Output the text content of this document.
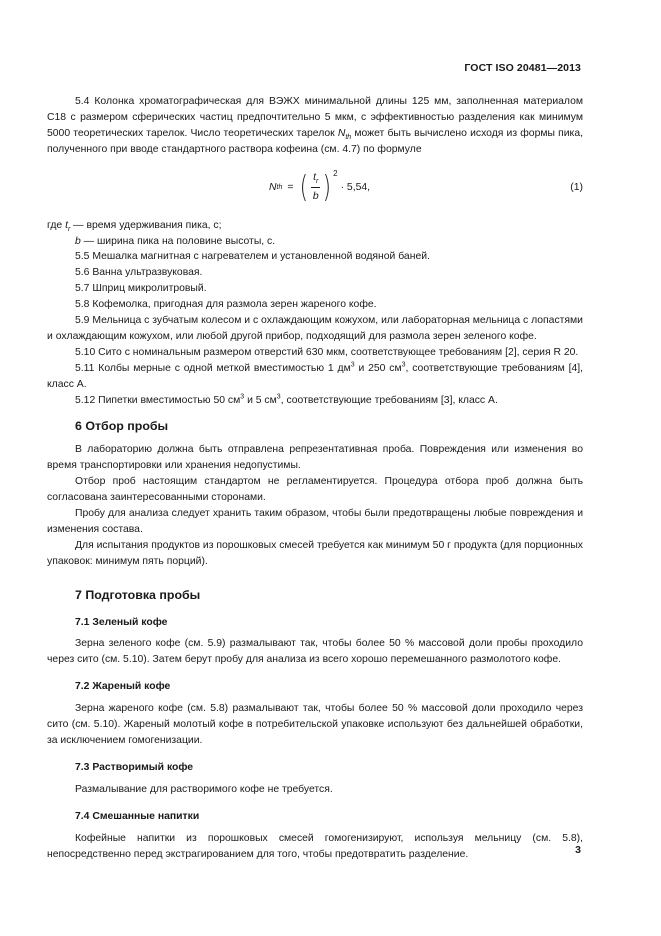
ГОСТ ISO 20481—2013

5.4 Колонка хроматографическая для ВЭЖХ минимальной длины 125 мм, заполненная материалом C18 с размером сферических частиц предпочтительно 5 мкм, с эффективностью разделения как минимум 5000 теоретических тарелок. Число теоретических тарелок $N_{th}$ может быть вычислено исходя из формы пика, полученного при вводе стандартного раствора кофеина (см. 4.7) по формуле

N th = ( $\frac{t_r}{b}$ ) 2
· 5,54,	(1)

где $t_r$ — время удерживания пика, с;

b — ширина пика на половине высоты, с.

5.5 Мешалка магнитная с нагревателем и установленной водяной баней.

5.6 Ванна ультразвуковая.

5.7 Шприц микролитровый.

5.8 Кофемолка, пригодная для размола зерен жареного кофе.

5.9 Мельница с зубчатым колесом и с охлаждающим кожухом, или лабораторная мельница с лопастями и охлаждающим кожухом, или любой другой прибор, подходящий для размола зерен зеленого кофе.

5.10 Сито с номинальным размером отверстий 630 мкм, соответствующее требованиям [2], серия R 20.

5.11 Колбы мерные с одной меткой вместимостью 1 $дм^3$ и 250 $см^3$, соответствующие требованиям [4], класс А.

5.12 Пипетки вместимостью 50 $см^3$ и 5 $см^3$, соответствующие требованиям [3], класс А.

6 Отбор пробы

В лабораторию должна быть отправлена репрезентативная проба. Повреждения или изменения во время транспортировки или хранения недопустимы.

Отбор проб настоящим стандартом не регламентируется. Процедура отбора проб должна быть согласована заинтересованными сторонами.

Пробу для анализа следует хранить таким образом, чтобы были предотвращены любые повреждения и изменения состава.

Для испытания продуктов из порошковых смесей требуется как минимум 50 г продукта (для порционных упаковок: минимум пять порций).

7 Подготовка пробы
7.1 Зеленый кофе

Зерна зеленого кофе (см. 5.9) размалывают так, чтобы более 50 % массовой доли пробы проходило через сито (см. 5.10). Затем берут пробу для анализа из всего хорошо перемешанного размолотого кофе.

7.2 Жареный кофе

Зерна жареного кофе (см. 5.8) размалывают так, чтобы более 50 % массовой доли проходило через сито (см. 5.10). Жареный молотый кофе в потребительской упаковке используют без дальнейшей обработки, за исключением гомогенизации.

7.3 Растворимый кофе

Размалывание для растворимого кофе не требуется.

7.4 Смешанные напитки

Кофейные напитки из порошковых смесей гомогенизируют, используя мельницу (см. 5.8), непосредственно перед экстрагированием для того, чтобы предотвратить разделение.	3
